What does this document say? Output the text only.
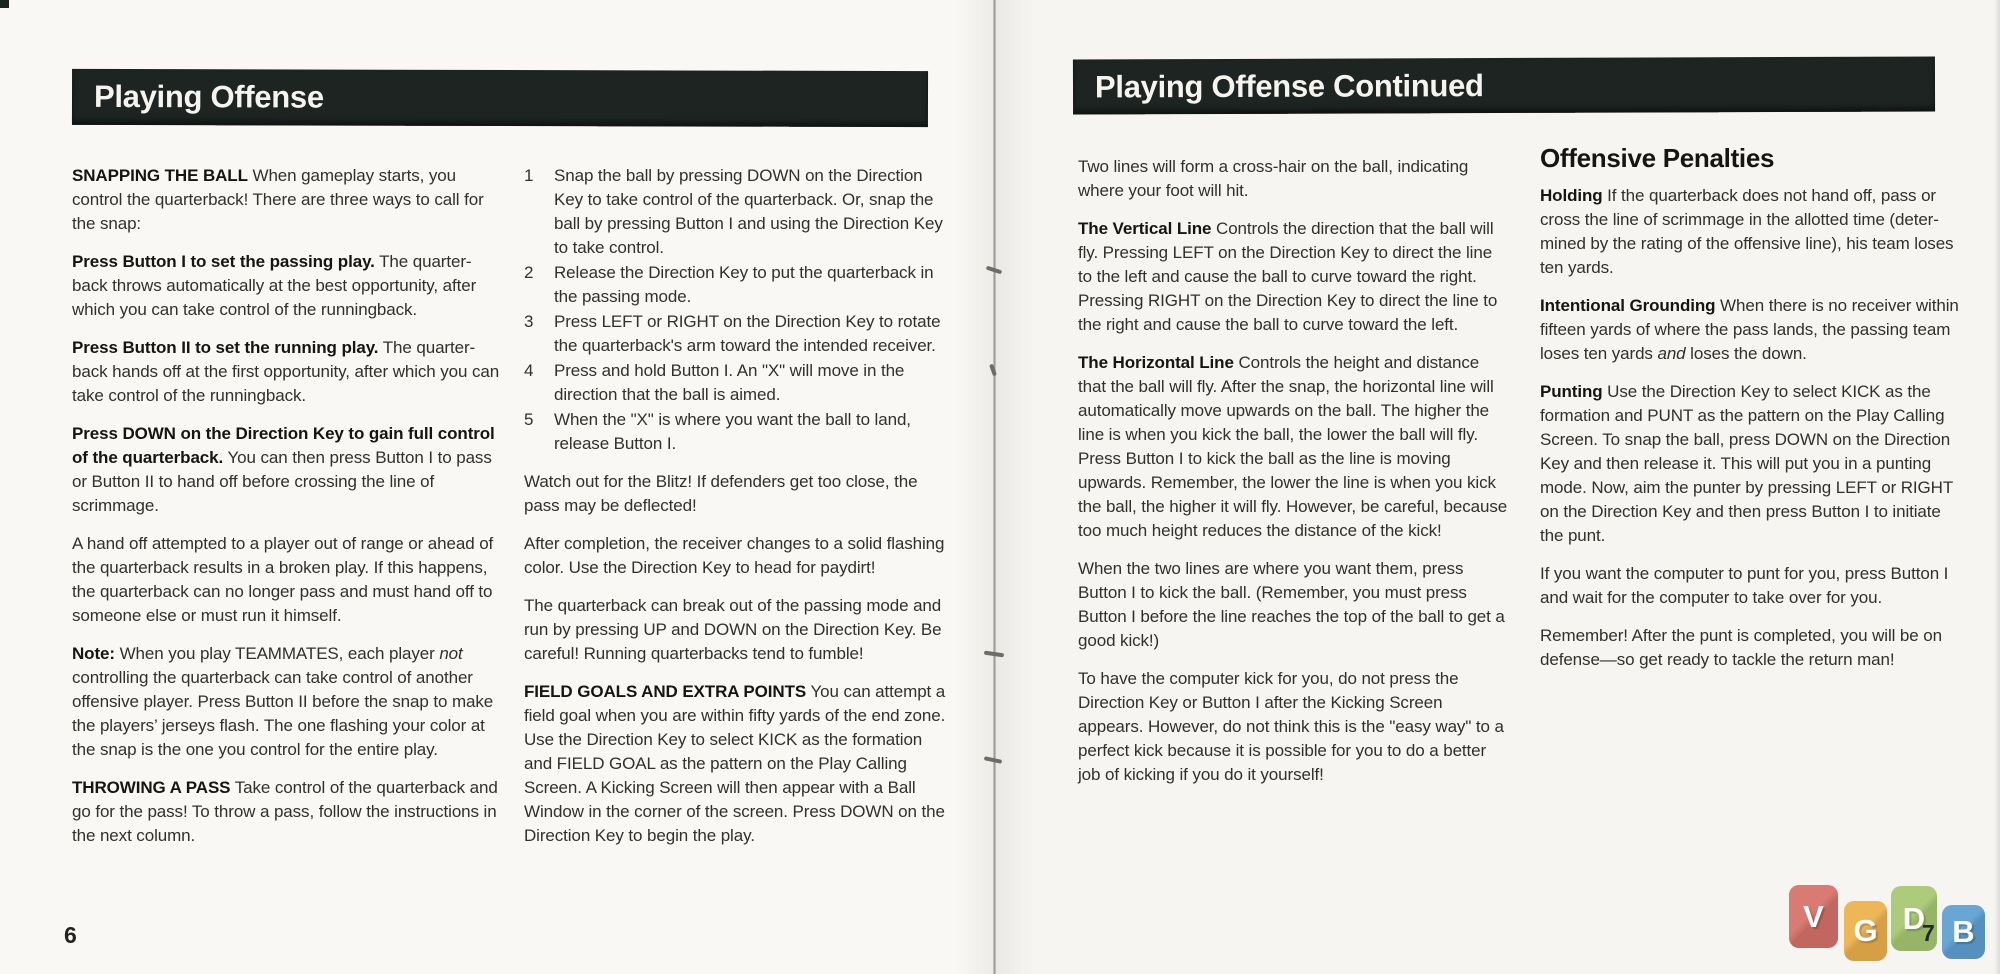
Playing Offense

SNAPPING THE BALL When gameplay starts, you control the quarterback! There are three ways to call for the snap:

Press Button I to set the passing play. The quarter-back throws automatically at the best opportunity, after which you can take control of the runningback.

Press Button II to set the running play. The quarter-back hands off at the first opportunity, after which you can take control of the runningback.

Press DOWN on the Direction Key to gain full control of the quarterback. You can then press Button I to pass or Button II to hand off before crossing the line of scrimmage.

A hand off attempted to a player out of range or ahead of the quarterback results in a broken play. If this happens, the quarterback can no longer pass and must hand off to someone else or must run it himself.

Note: When you play TEAMMATES, each player not controlling the quarterback can take control of another offensive player. Press Button II before the snap to make the players’ jerseys flash. The one flashing your color at the snap is the one you control for the entire play.

THROWING A PASS Take control of the quarterback and go for the pass! To throw a pass, follow the instructions in the next column.

1	Snap the ball by pressing DOWN on the Direction Key to take control of the quarterback. Or, snap the ball by pressing Button I and using the Direction Key to take control.
2	Release the Direction Key to put the quarterback in the passing mode.
3	Press LEFT or RIGHT on the Direction Key to rotate the quarterback's arm toward the intended receiver.
4	Press and hold Button I. An "X" will move in the direction that the ball is aimed.
5	When the "X" is where you want the ball to land, release Button I.

Watch out for the Blitz! If defenders get too close, the pass may be deflected!

After completion, the receiver changes to a solid flashing color. Use the Direction Key to head for paydirt!

The quarterback can break out of the passing mode and run by pressing UP and DOWN on the Direction Key. Be careful! Running quarterbacks tend to fumble!

FIELD GOALS AND EXTRA POINTS You can attempt a field goal when you are within fifty yards of the end zone. Use the Direction Key to select KICK as the formation and FIELD GOAL as the pattern on the Play Calling Screen. A Kicking Screen will then appear with a Ball Window in the corner of the screen. Press DOWN on the Direction Key to begin the play.

6
Playing Offense Continued

Two lines will form a cross-hair on the ball, indicating where your foot will hit.

The Vertical Line Controls the direction that the ball will fly. Pressing LEFT on the Direction Key to direct the line to the left and cause the ball to curve toward the right. Pressing RIGHT on the Direction Key to direct the line to the right and cause the ball to curve toward the left.

The Horizontal Line Controls the height and distance that the ball will fly. After the snap, the horizontal line will automatically move upwards on the ball. The higher the line is when you kick the ball, the lower the ball will fly. Press Button I to kick the ball as the line is moving upwards. Remember, the lower the line is when you kick the ball, the higher it will fly. However, be careful, because too much height reduces the distance of the kick!

When the two lines are where you want them, press Button I to kick the ball. (Remember, you must press Button I before the line reaches the top of the ball to get a good kick!)

To have the computer kick for you, do not press the Direction Key or Button I after the Kicking Screen appears. However, do not think this is the "easy way" to a perfect kick because it is possible for you to do a better job of kicking if you do it yourself!

Offensive Penalties

Holding If the quarterback does not hand off, pass or cross the line of scrimmage in the allotted time (deter-mined by the rating of the offensive line), his team loses ten yards.

Intentional Grounding When there is no receiver within fifteen yards of where the pass lands, the passing team loses ten yards and loses the down.

Punting Use the Direction Key to select KICK as the formation and PUNT as the pattern on the Play Calling Screen. To snap the ball, press DOWN on the Direction Key and then release it. This will put you in a punting mode. Now, aim the punter by pressing LEFT or RIGHT on the Direction Key and then press Button I to initiate the punt.

If you want the computer to punt for you, press Button I and wait for the computer to take over for you.

Remember! After the punt is completed, you will be on defense—so get ready to tackle the return man!

7
V G D B
